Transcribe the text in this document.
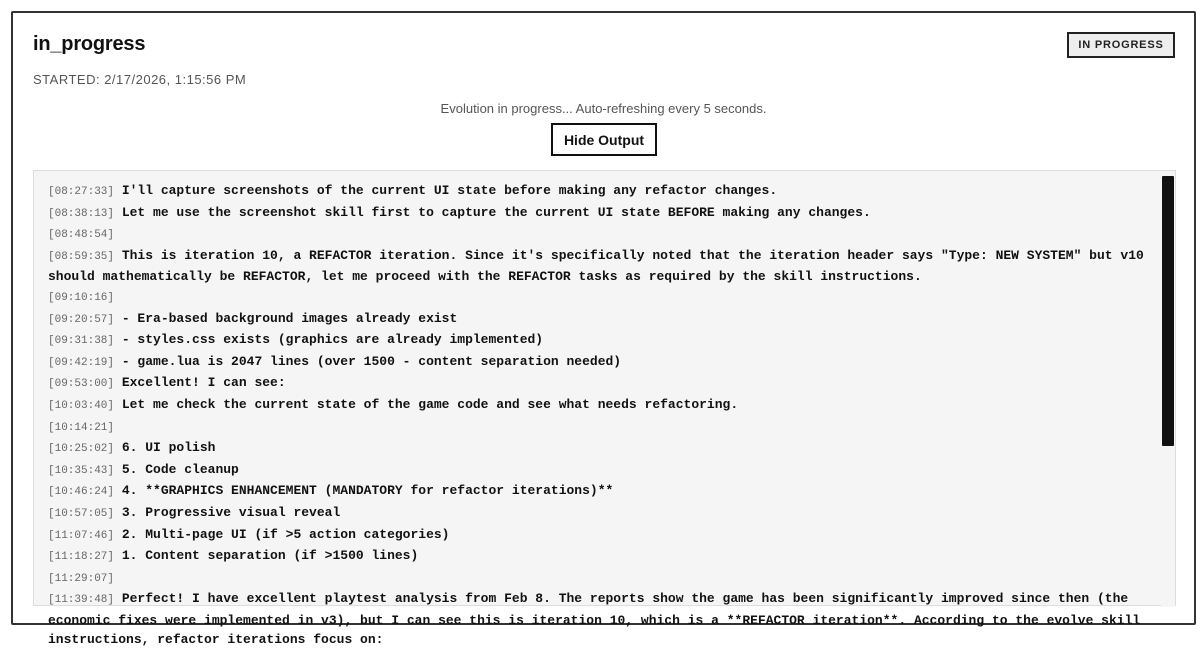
in_progress	IN PROGRESS
STARTED: 2/17/2026, 1:15:56 PM
Evolution in progress... Auto-refreshing every 5 seconds.
Hide Output
[08:27:33] I'll capture screenshots of the current UI state before making any refactor changes.
[08:38:13] Let me use the screenshot skill first to capture the current UI state BEFORE making any changes.
[08:48:54]
[08:59:35] This is iteration 10, a REFACTOR iteration. Since it's specifically noted that the iteration header says "Type: NEW SYSTEM" but v10 should mathematically be REFACTOR, let me proceed with the REFACTOR tasks as required by the skill instructions.
[09:10:16]
[09:20:57] - Era-based background images already exist
[09:31:38] - styles.css exists (graphics are already implemented)
[09:42:19] - game.lua is 2047 lines (over 1500 - content separation needed)
[09:53:00] Excellent! I can see:
[10:03:40] Let me check the current state of the game code and see what needs refactoring.
[10:14:21]
[10:25:02] 6. UI polish
[10:35:43] 5. Code cleanup
[10:46:24] 4. **GRAPHICS ENHANCEMENT (MANDATORY for refactor iterations)**
[10:57:05] 3. Progressive visual reveal
[11:07:46] 2. Multi-page UI (if >5 action categories)
[11:18:27] 1. Content separation (if >1500 lines)
[11:29:07]
[11:39:48] Perfect! I have excellent playtest analysis from Feb 8. The reports show the game has been significantly improved since then (the economic fixes were implemented in v3), but I can see this is iteration 10, which is a **REFACTOR iteration**. According to the evolve skill instructions, refactor iterations focus on:
